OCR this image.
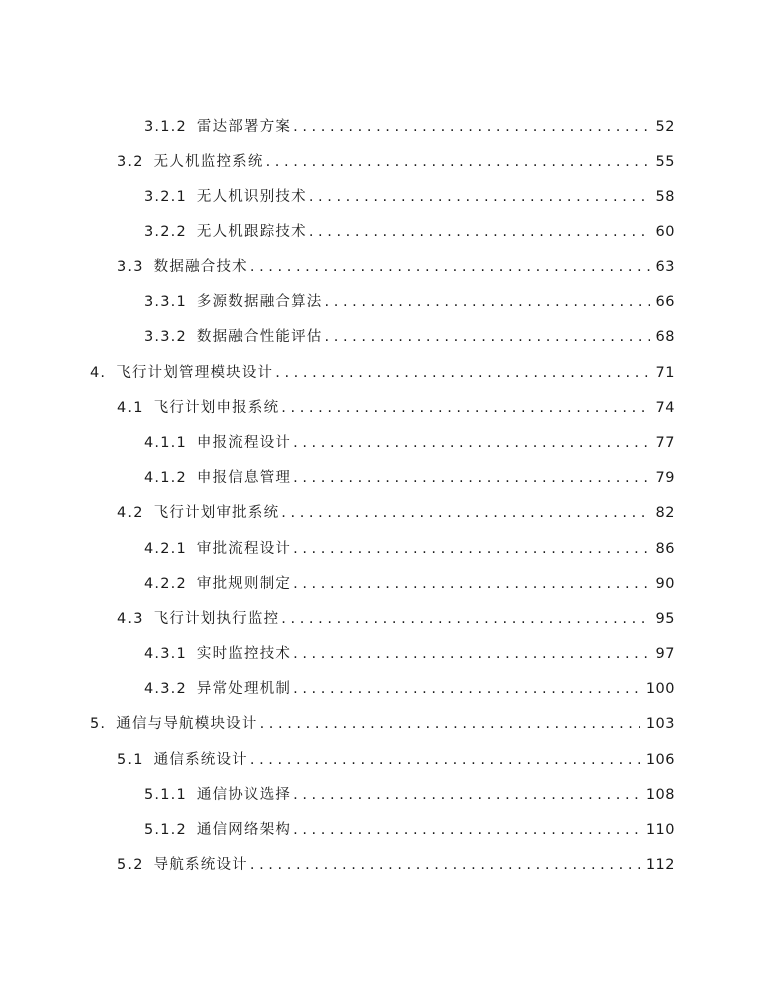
3.1.2 雷达部署方案 . . .	52
3.2 无人机监控系统 . . .	55
3.2.1 无人机识别技术 . . .	58
3.2.2 无人机跟踪技术 . . .	60
3.3 数据融合技术 . . .	63
3.3.1 多源数据融合算法 . . .	66
3.3.2 数据融合性能评估 . . .	68
4. 飞行计划管理模块设计 . . .	71
4.1 飞行计划申报系统 . . .	74
4.1.1 申报流程设计 . . .	77
4.1.2 申报信息管理 . . .	79
4.2 飞行计划审批系统 . . .	82
4.2.1 审批流程设计 . . .	86
4.2.2 审批规则制定 . . .	90
4.3 飞行计划执行监控 . . .	95
4.3.1 实时监控技术 . . .	97
4.3.2 异常处理机制 . . .	100
5. 通信与导航模块设计 . . .	103
5.1 通信系统设计 . . .	106
5.1.1 通信协议选择 . . .	108
5.1.2 通信网络架构 . . .	110
5.2 导航系统设计 . . .	112
